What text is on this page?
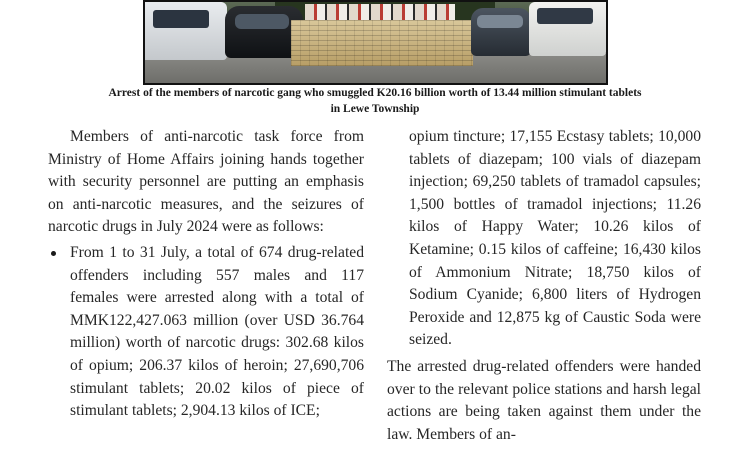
Arrest of the members of narcotic gang who smuggled K20.16 billion worth of 13.44 million stimulant tablets
in Lewe Township

Members of anti-narcotic task force from Ministry of Home Affairs joining hands together with security personnel are putting an emphasis on anti-narcotic measures, and the seizures of narcotic drugs in July 2024 were as follows:

From 1 to 31 July, a total of 674 drug-related offenders including 557 males and 117 females were arrested along with a total of MMK122,427.063 million (over USD 36.764 million) worth of narcotic drugs: 302.68 kilos of opium; 206.37 kilos of heroin; 27,690,706 stimulant tablets; 20.02 kilos of piece of stimulant tablets; 2,904.13 kilos of ICE;

opium tincture; 17,155 Ecstasy tablets; 10,000 tablets of diazepam; 100 vials of diazepam injection; 69,250 tablets of tramadol capsules; 1,500 bottles of tramadol injections; 11.26 kilos of Happy Water; 10.26 kilos of Ketamine; 0.15 kilos of caffeine; 16,430 kilos of Ammonium Nitrate; 18,750 kilos of Sodium Cyanide; 6,800 liters of Hydrogen Peroxide and 12,875 kg of Caustic Soda were seized.

The arrested drug-related offenders were handed over to the relevant police stations and harsh legal actions are being taken against them under the law. Members of an-
